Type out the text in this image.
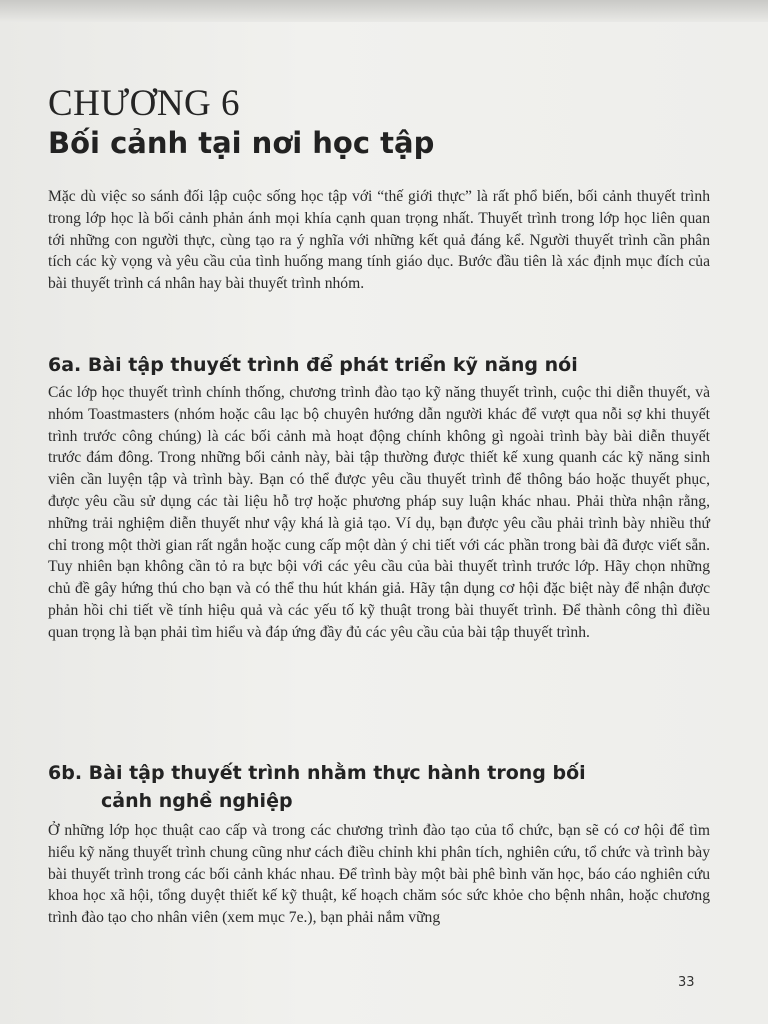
CHƯƠNG 6
Bối cảnh tại nơi học tập

Mặc dù việc so sánh đối lập cuộc sống học tập với “thế giới thực” là rất phổ biến, bối cảnh thuyết trình trong lớp học là bối cảnh phản ánh mọi khía cạnh quan trọng nhất. Thuyết trình trong lớp học liên quan tới những con người thực, cùng tạo ra ý nghĩa với những kết quả đáng kể. Người thuyết trình cần phân tích các kỳ vọng và yêu cầu của tình huống mang tính giáo dục. Bước đầu tiên là xác định mục đích của bài thuyết trình cá nhân hay bài thuyết trình nhóm.

6a. Bài tập thuyết trình để phát triển kỹ năng nói

Các lớp học thuyết trình chính thống, chương trình đào tạo kỹ năng thuyết trình, cuộc thi diễn thuyết, và nhóm Toastmasters (nhóm hoặc câu lạc bộ chuyên hướng dẫn người khác để vượt qua nỗi sợ khi thuyết trình trước công chúng) là các bối cảnh mà hoạt động chính không gì ngoài trình bày bài diễn thuyết trước đám đông. Trong những bối cảnh này, bài tập thường được thiết kế xung quanh các kỹ năng sinh viên cần luyện tập và trình bày. Bạn có thể được yêu cầu thuyết trình để thông báo hoặc thuyết phục, được yêu cầu sử dụng các tài liệu hỗ trợ hoặc phương pháp suy luận khác nhau. Phải thừa nhận rằng, những trải nghiệm diễn thuyết như vậy khá là giả tạo. Ví dụ, bạn được yêu cầu phải trình bày nhiều thứ chỉ trong một thời gian rất ngắn hoặc cung cấp một dàn ý chi tiết với các phần trong bài đã được viết sẵn. Tuy nhiên bạn không cần tỏ ra bực bội với các yêu cầu của bài thuyết trình trước lớp. Hãy chọn những chủ đề gây hứng thú cho bạn và có thể thu hút khán giả. Hãy tận dụng cơ hội đặc biệt này để nhận được phản hồi chi tiết về tính hiệu quả và các yếu tố kỹ thuật trong bài thuyết trình. Để thành công thì điều quan trọng là bạn phải tìm hiểu và đáp ứng đầy đủ các yêu cầu của bài tập thuyết trình.

6b. Bài tập thuyết trình nhằm thực hành trong bối
cảnh nghề nghiệp

Ở những lớp học thuật cao cấp và trong các chương trình đào tạo của tổ chức, bạn sẽ có cơ hội để tìm hiểu kỹ năng thuyết trình chung cũng như cách điều chỉnh khi phân tích, nghiên cứu, tổ chức và trình bày bài thuyết trình trong các bối cảnh khác nhau. Để trình bày một bài phê bình văn học, báo cáo nghiên cứu khoa học xã hội, tổng duyệt thiết kế kỹ thuật, kế hoạch chăm sóc sức khỏe cho bệnh nhân, hoặc chương trình đào tạo cho nhân viên (xem mục 7e.), bạn phải nắm vững

33
